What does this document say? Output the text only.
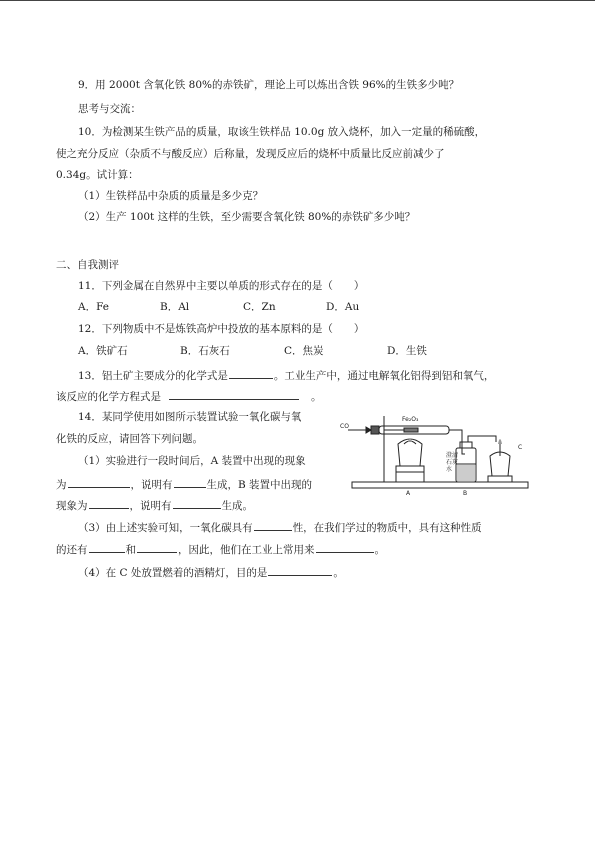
9．用 2000t 含氧化铁 80%的赤铁矿，理论上可以炼出含铁 96%的生铁多少吨？
思考与交流：
10．为检测某生铁产品的质量，取该生铁样品 10.0g 放入烧杯，加入一定量的稀硫酸，
使之充分反应（杂质不与酸反应）后称量，发现反应后的烧杯中质量比反应前减少了
0.34g。试计算：
（1）生铁样品中杂质的质量是多少克？
（2）生产 100t 这样的生铁，至少需要含氧化铁 80%的赤铁矿多少吨？
二、自我测评
11．下列金属在自然界中主要以单质的形式存在的是（　　）
A．Fe	B．Al	C．Zn	D．Au
12．下列物质中不是炼铁高炉中投放的基本原料的是（　　）
A．铁矿石	B．石灰石	C．焦炭	D．生铁
13．铝土矿主要成分的化学式是	。工业生产中，通过电解氧化铝得到铝和氧气，
该反应的化学方程式是	。
14．某同学使用如图所示装置试验一氧化碳与氧
化铁的反应，请回答下列问题。
（1）实验进行一段时间后，A 装置中出现的现象
为	，说明有	生成，B 装置中出现的
现象为	，说明有	生成。
（3）由上述实验可知，一氧化碳具有	性，在我们学过的物质中，具有这种性质
的还有	和	，因此，他们在工业上常用来	。
（4）在 C 处放置燃着的酒精灯，目的是	。
CO
Fe₂O₃
澄清石灰水
A	B
C
